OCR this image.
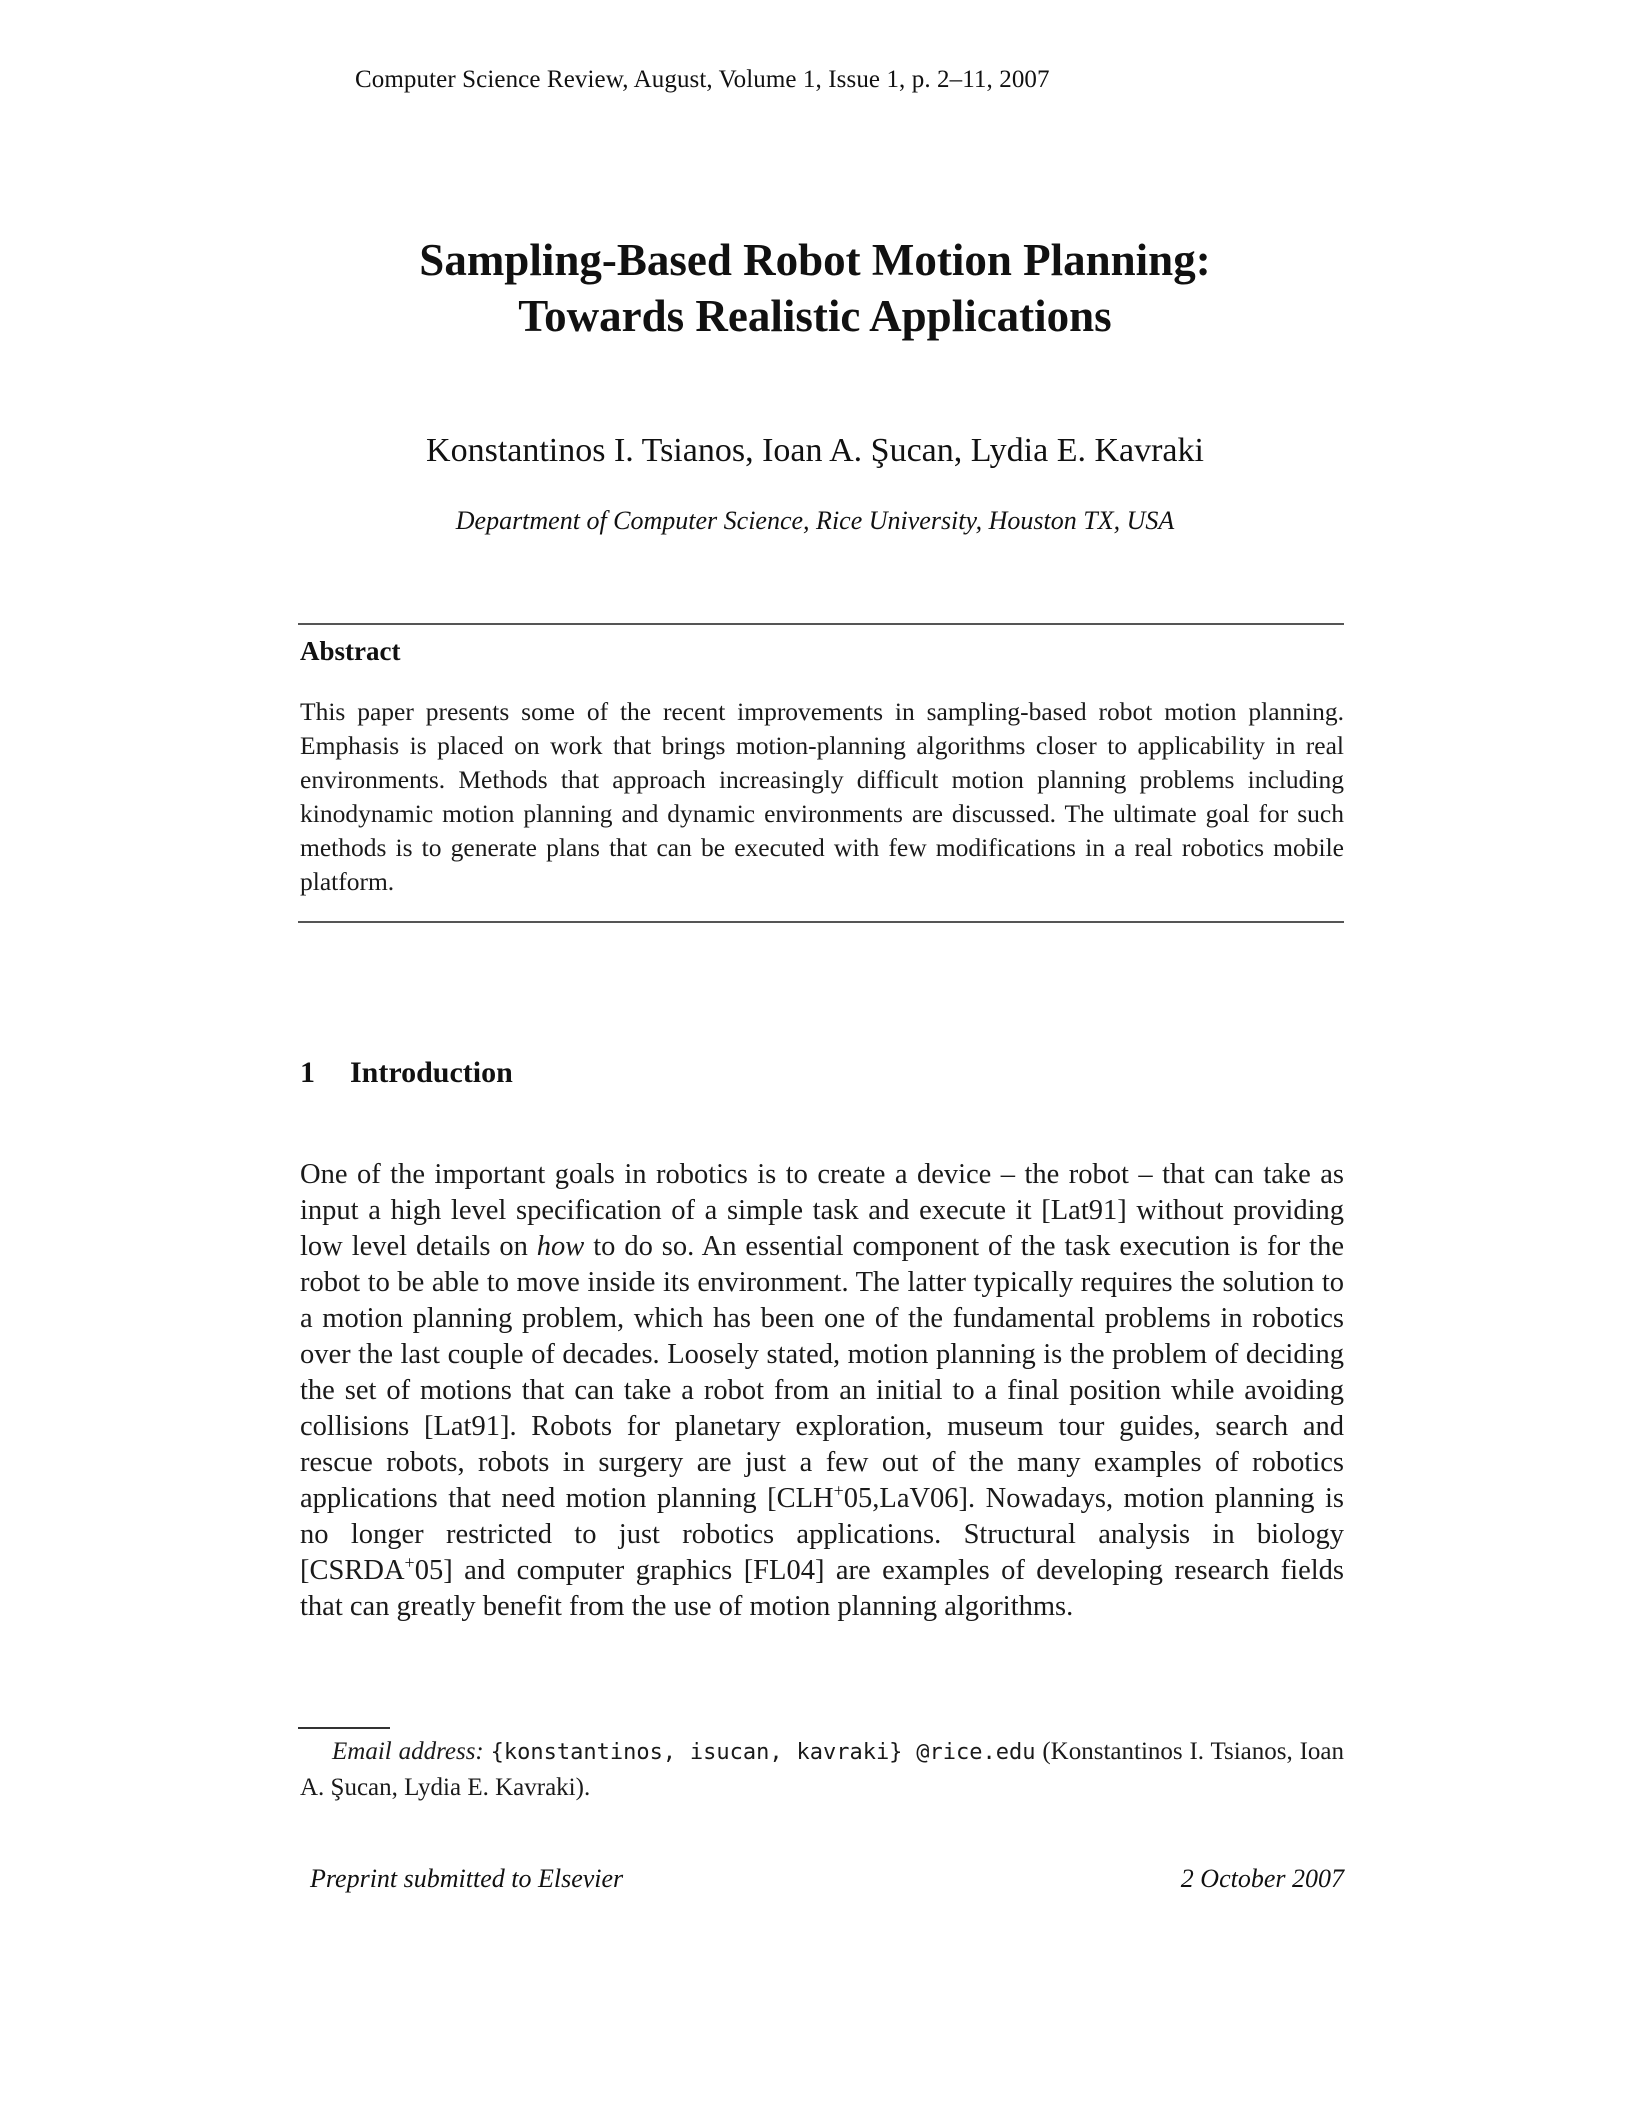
Computer Science Review, August, Volume 1, Issue 1, p. 2–11, 2007
Sampling-Based Robot Motion Planning:
Towards Realistic Applications
Konstantinos I. Tsianos, Ioan A. Şucan, Lydia E. Kavraki
Department of Computer Science, Rice University, Houston TX, USA
Abstract
This paper presents some of the recent improvements in sampling-based robot motion planning. Emphasis is placed on work that brings motion-planning algorithms closer to applicability in real environments. Methods that approach increasingly difficult motion planning problems including kinodynamic motion planning and dynamic environments are discussed. The ultimate goal for such methods is to generate plans that can be executed with few modifications in a real robotics mobile platform.
1 Introduction
One of the important goals in robotics is to create a device – the robot – that can take as input a high level specification of a simple task and execute it [Lat91] without providing low level details on how to do so. An essential component of the task execution is for the robot to be able to move inside its environment. The latter typically requires the solution to a motion planning problem, which has been one of the fundamental problems in robotics over the last couple of decades. Loosely stated, motion planning is the problem of deciding the set of motions that can take a robot from an initial to a final position while avoiding collisions [Lat91]. Robots for planetary exploration, museum tour guides, search and rescue robots, robots in surgery are just a few out of the many examples of robotics applications that need motion planning [CLH+05,LaV06]. Nowadays, motion planning is no longer restricted to just robotics applications. Structural analysis in biology [CSRDA+05] and computer graphics [FL04] are examples of developing research fields that can greatly benefit from the use of motion planning algorithms.
Email address: {konstantinos, isucan, kavraki} @rice.edu (Konstantinos I. Tsianos, Ioan A. Şucan, Lydia E. Kavraki).
Preprint submitted to Elsevier	2 October 2007
